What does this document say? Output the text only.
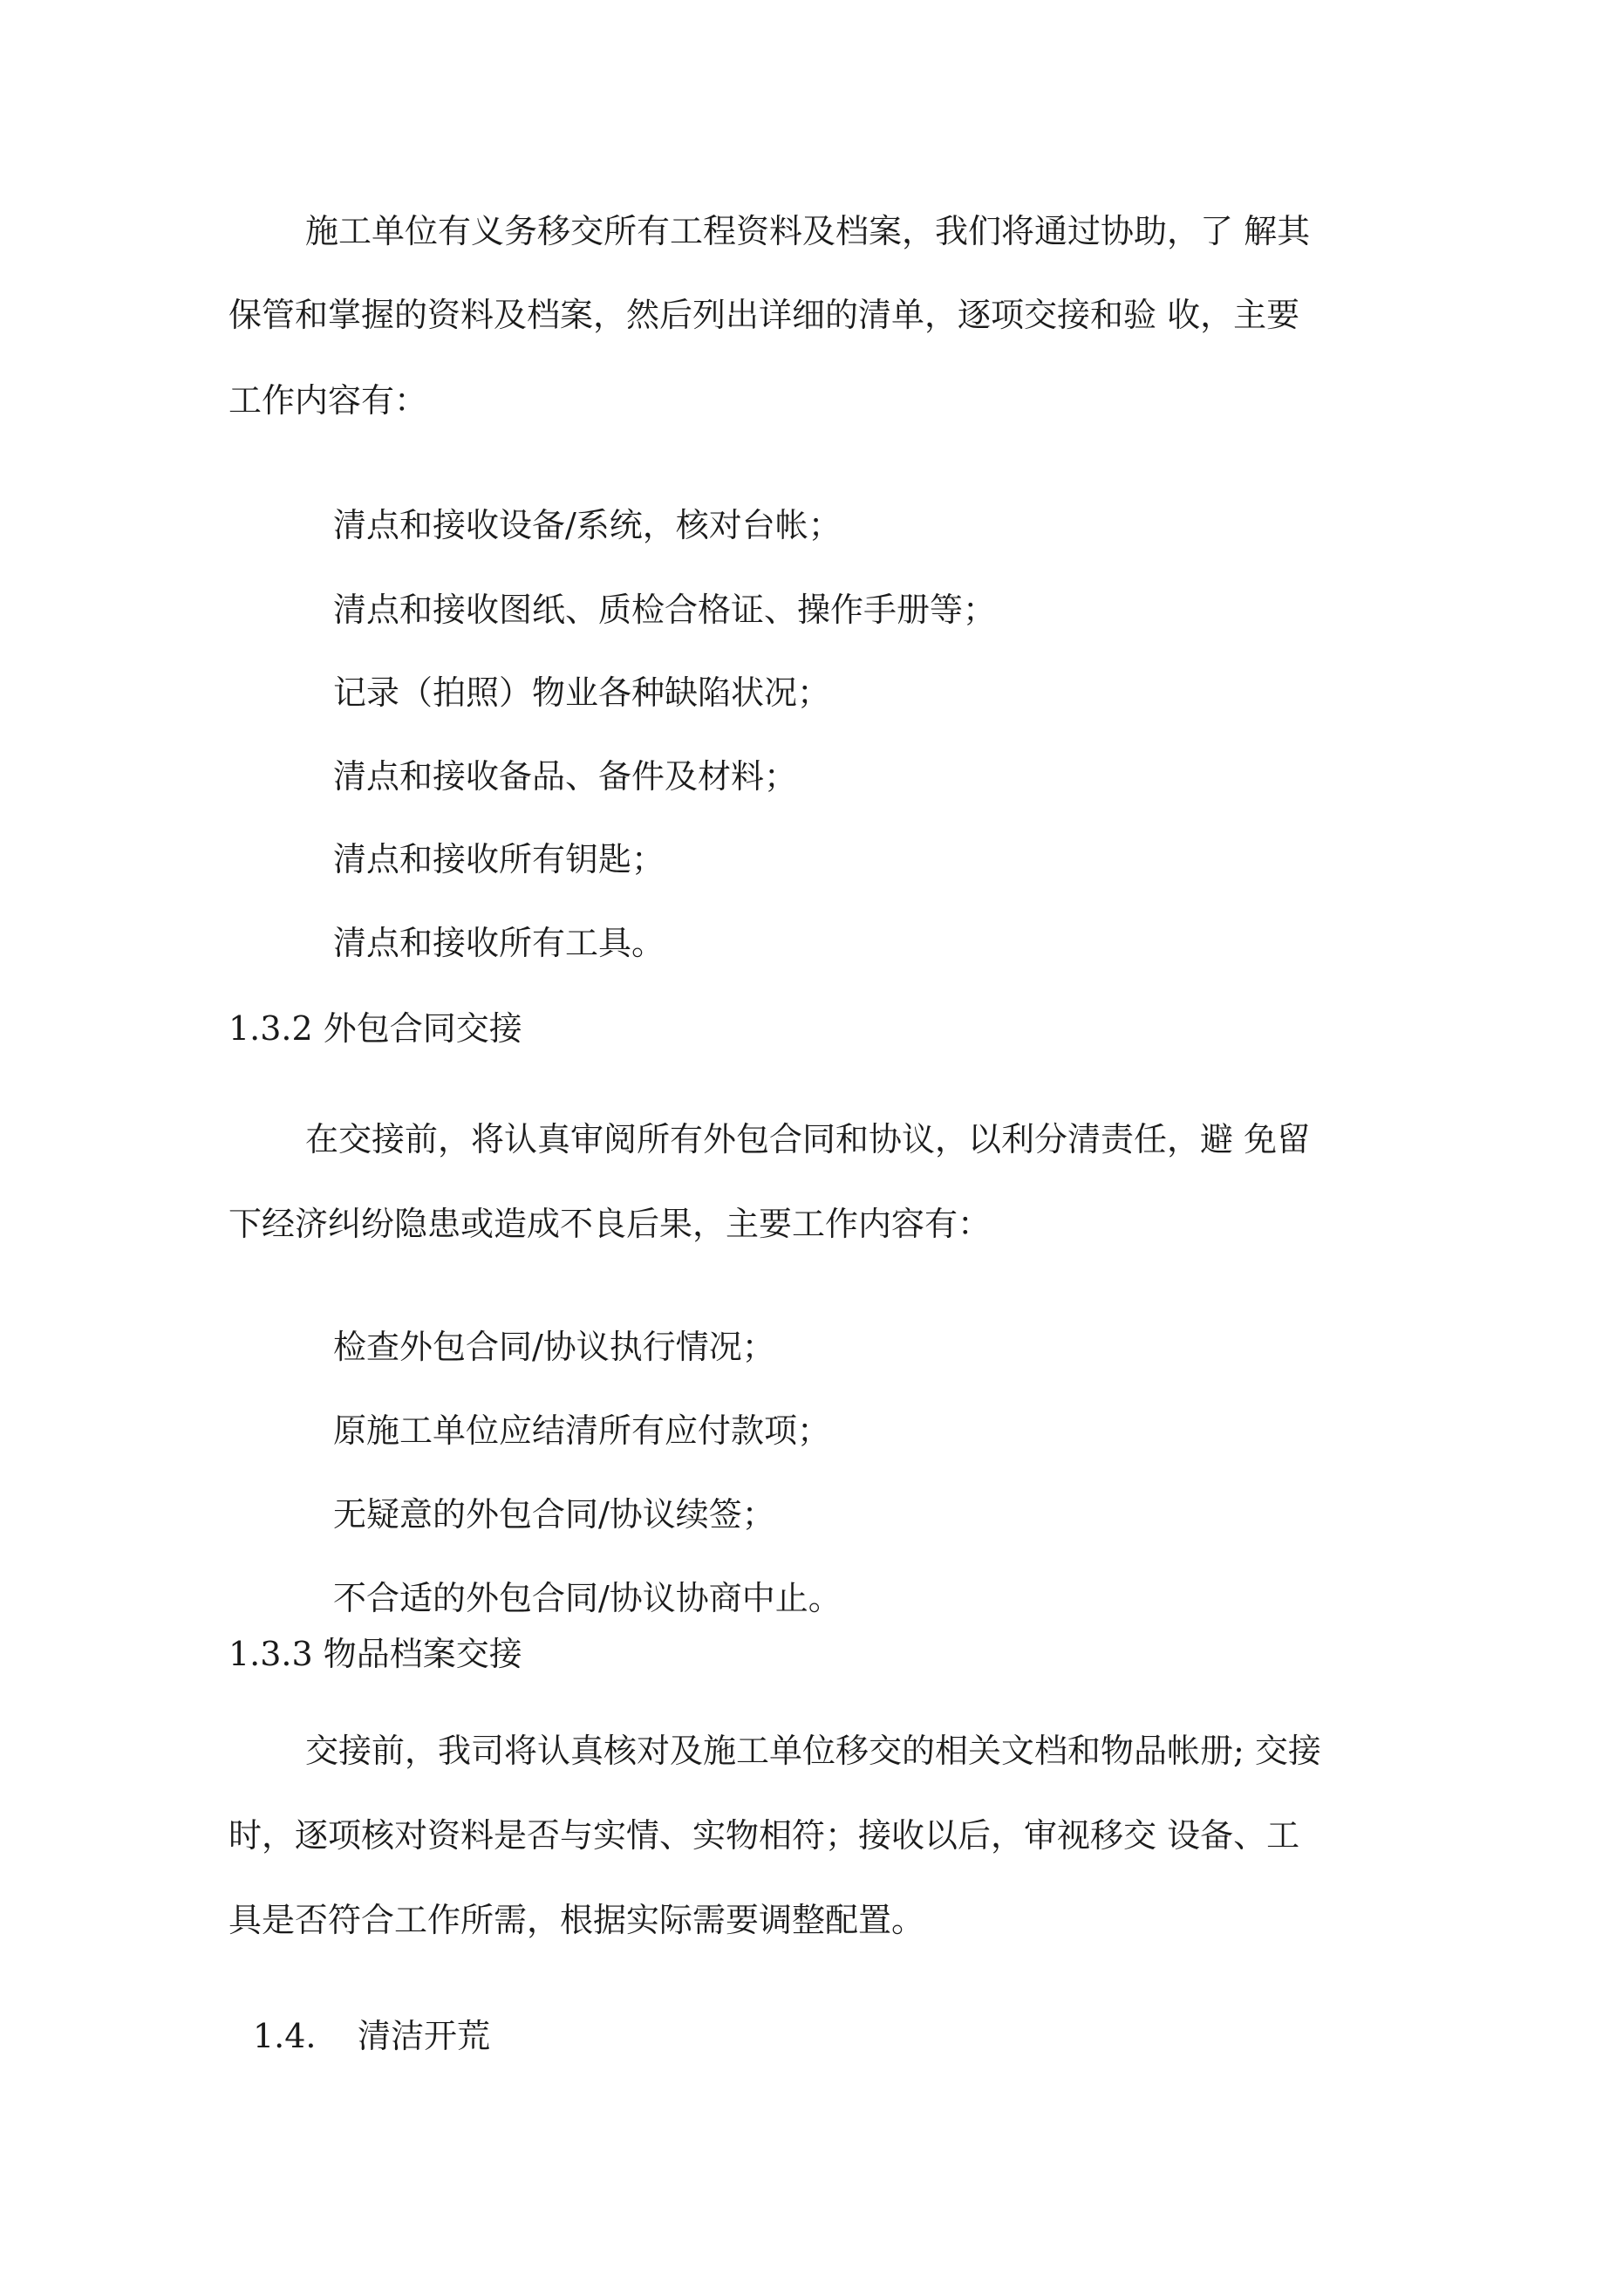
施工单位有义务移交所有工程资料及档案，我们将通过协助，了 解其
保管和掌握的资料及档案，然后列出详细的清单，逐项交接和验 收，主要
工作内容有：
清点和接收设备/系统，核对台帐；
清点和接收图纸、质检合格证、操作手册等；
记录（拍照）物业各种缺陷状况；
清点和接收备品、备件及材料；
清点和接收所有钥匙；
清点和接收所有工具。
1.3.2 外包合同交接
在交接前，将认真审阅所有外包合同和协议，以利分清责任，避 免留
下经济纠纷隐患或造成不良后果，主要工作内容有：
检查外包合同/协议执行情况；
原施工单位应结清所有应付款项；
无疑意的外包合同/协议续签；
不合适的外包合同/协议协商中止。
1.3.3 物品档案交接
交接前，我司将认真核对及施工单位移交的相关文档和物品帐册; 交接
时，逐项核对资料是否与实情、实物相符；接收以后，审视移交 设备、工
具是否符合工作所需，根据实际需要调整配置。
1.4. 清洁开荒
